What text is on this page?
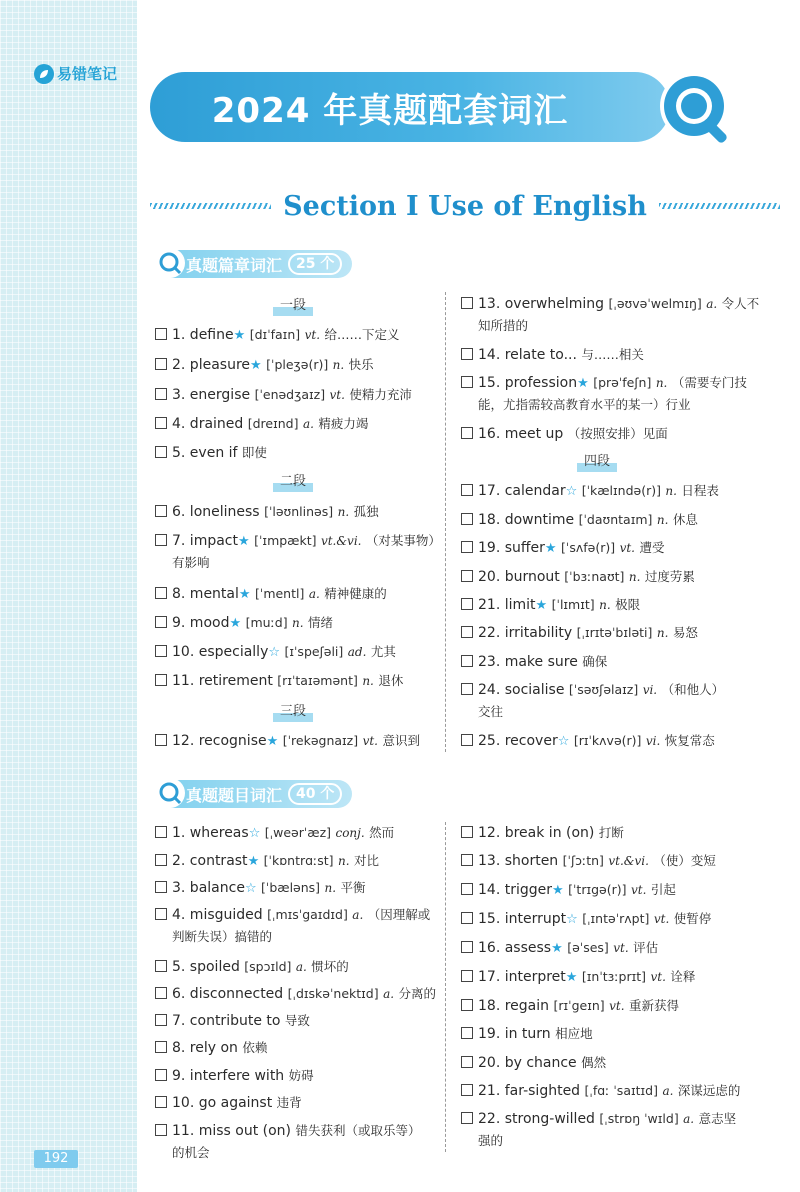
易错笔记
2024 年真题配套词汇
Section Ⅰ Use of English
真题篇章词汇	25 个
一段
二段
三段
四段
1. define★ [dɪˈfaɪn] vt. 给……下定义
2. pleasure★ [ˈpleʒə(r)] n. 快乐
3. energise [ˈenədʒaɪz] vt. 使精力充沛
4. drained [dreɪnd] a. 精疲力竭
5. even if 即使
6. loneliness [ˈləʊnlinəs] n. 孤独
7. impact★ [ˈɪmpækt] vt.&vi. （对某事物）
有影响
8. mental★ [ˈmentl] a. 精神健康的
9. mood★ [muːd] n. 情绪
10. especially☆ [ɪˈspeʃəli] ad. 尤其
11. retirement [rɪˈtaɪəmənt] n. 退休
12. recognise★ [ˈrekəgnaɪz] vt. 意识到
13. overwhelming [ˌəʊvəˈwelmɪŋ] a. 令人不
知所措的
14. relate to... 与……相关
15. profession★ [prəˈfeʃn] n. （需要专门技
能，尤指需较高教育水平的某一）行业
16. meet up （按照安排）见面
17. calendar☆ [ˈkælɪndə(r)] n. 日程表
18. downtime [ˈdaʊntaɪm] n. 休息
19. suffer★ [ˈsʌfə(r)] vt. 遭受
20. burnout [ˈbɜːnaʊt] n. 过度劳累
21. limit★ [ˈlɪmɪt] n. 极限
22. irritability [ˌɪrɪtəˈbɪləti] n. 易怒
23. make sure 确保
24. socialise [ˈsəʊʃəlaɪz] vi. （和他人）
交往
25. recover☆ [rɪˈkʌvə(r)] vi. 恢复常态
真题题目词汇	40 个
1. whereas☆ [ˌweərˈæz] conj. 然而
2. contrast★ [ˈkɒntrɑːst] n. 对比
3. balance☆ [ˈbæləns] n. 平衡
4. misguided [ˌmɪsˈgaɪdɪd] a. （因理解或
判断失误）搞错的
5. spoiled [spɔɪld] a. 惯坏的
6. disconnected [ˌdɪskəˈnektɪd] a. 分离的
7. contribute to 导致
8. rely on 依赖
9. interfere with 妨碍
10. go against 违背
11. miss out (on) 错失获利（或取乐等）
的机会
12. break in (on) 打断
13. shorten [ˈʃɔːtn] vt.&vi. （使）变短
14. trigger★ [ˈtrɪgə(r)] vt. 引起
15. interrupt☆ [ˌɪntəˈrʌpt] vt. 使暂停
16. assess★ [əˈses] vt. 评估
17. interpret★ [ɪnˈtɜːprɪt] vt. 诠释
18. regain [rɪˈgeɪn] vt. 重新获得
19. in turn 相应地
20. by chance 偶然
21. far-sighted [ˌfɑː ˈsaɪtɪd] a. 深谋远虑的
22. strong-willed [ˌstrɒŋ ˈwɪld] a. 意志坚
强的
192
